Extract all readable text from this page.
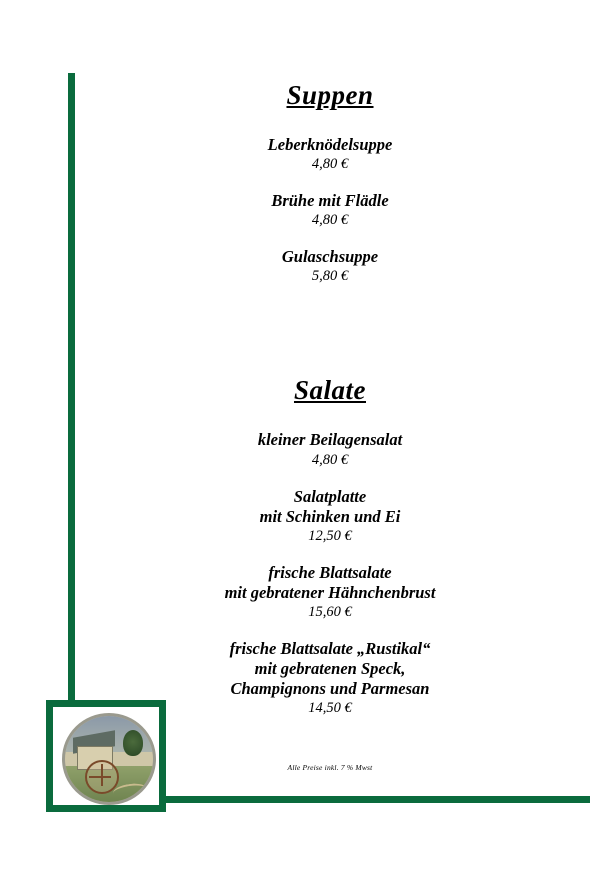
Suppen

Leberknödelsuppe

4,80 €

Brühe mit Flädle

4,80 €

Gulaschsuppe

5,80 €

Salate

kleiner Beilagensalat

4,80 €

Salatplatte

mit Schinken und Ei

12,50 €

frische Blattsalate

mit gebratener Hähnchenbrust

15,60 €

frische Blattsalate „Rustikal“

mit gebratenen Speck,

Champignons und Parmesan

14,50 €

Alle Preise inkl. 7 % Mwst
